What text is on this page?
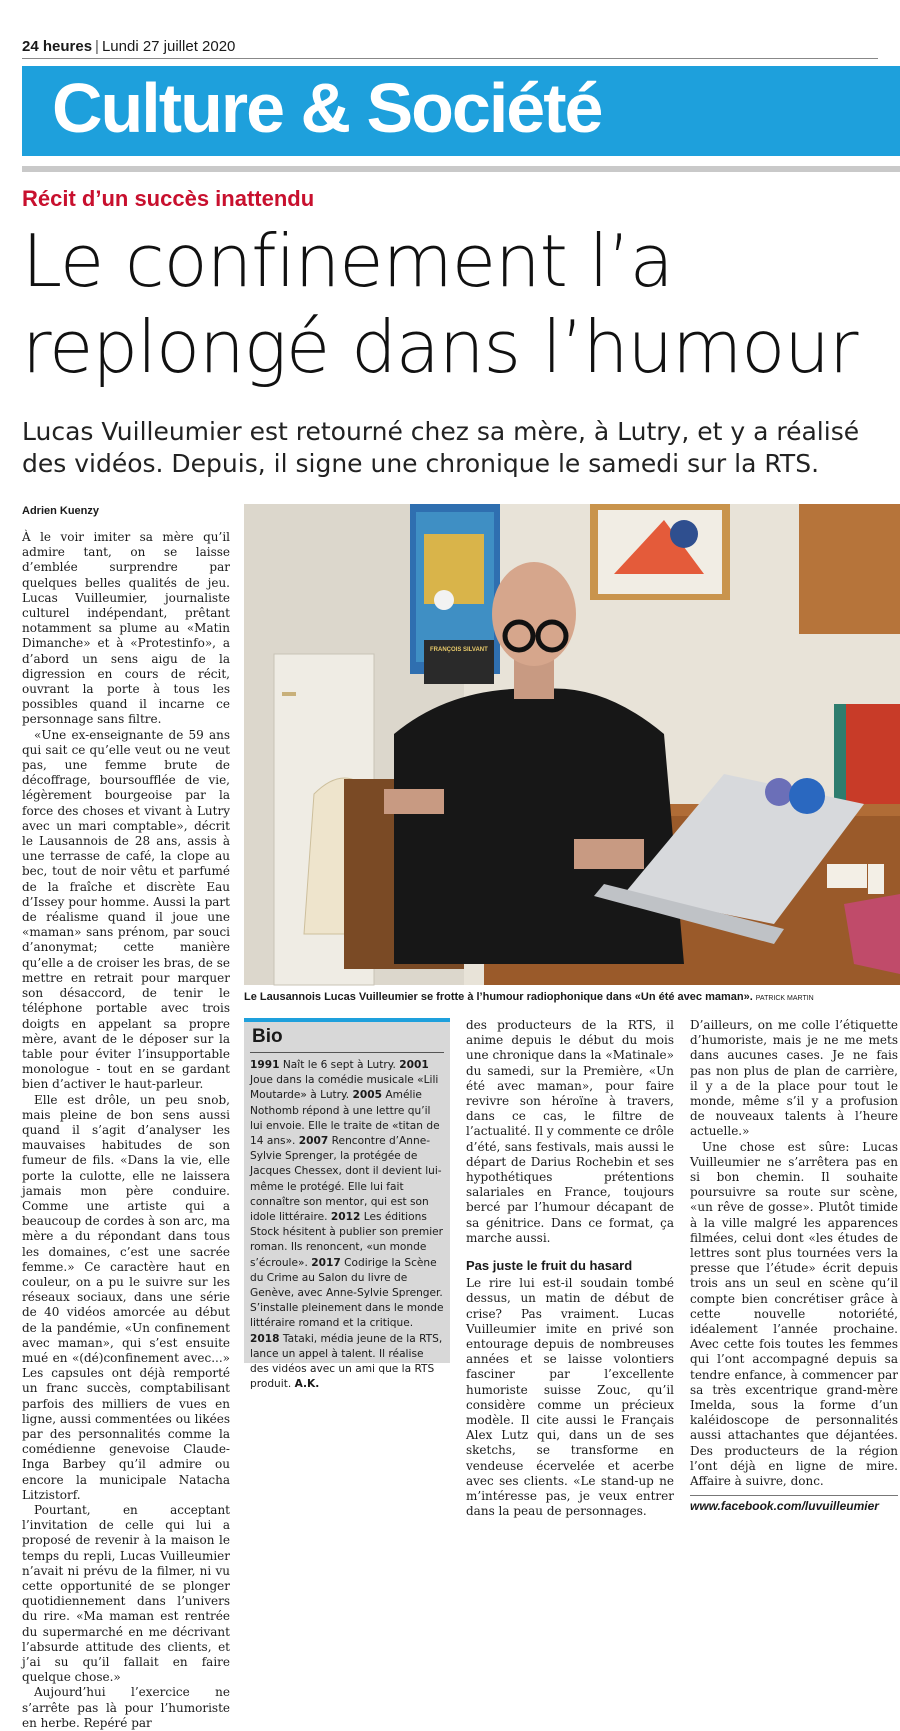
24 heures | Lundi 27 juillet 2020
Culture & Société
Récit d’un succès inattendu
Le confinement l’a
replongé dans l’humour
Lucas Vuilleumier est retourné chez sa mère, à Lutry, et y a réalisé des vidéos. Depuis, il signe une chronique le samedi sur la RTS.
Adrien Kuenzy

À le voir imiter sa mère qu’il admire tant, on se laisse d’emblée surprendre par quelques belles qualités de jeu. Lucas Vuilleumier, journaliste culturel indépendant, prêtant notamment sa plume au «Matin Dimanche» et à «Protestinfo», a d’abord un sens aigu de la digression en cours de récit, ouvrant la porte à tous les possibles quand il incarne ce personnage sans filtre.

«Une ex-enseignante de 59 ans qui sait ce qu’elle veut ou ne veut pas, une femme brute de décoffrage, boursoufflée de vie, légèrement bourgeoise par la force des choses et vivant à Lutry avec un mari comptable», décrit le Lausannois de 28 ans, assis à une terrasse de café, la clope au bec, tout de noir vêtu et parfumé de la fraîche et discrète Eau d’Issey pour homme. Aussi la part de réalisme quand il joue une «maman» sans prénom, par souci d’anonymat; cette manière qu’elle a de croiser les bras, de se mettre en retrait pour marquer son désaccord, de tenir le téléphone portable avec trois doigts en appelant sa propre mère, avant de le déposer sur la table pour éviter l’insupportable monologue - tout en se gardant bien d’activer le haut-parleur.

Elle est drôle, un peu snob, mais pleine de bon sens aussi quand il s’agit d’analyser les mauvaises habitudes de son fumeur de fils. «Dans la vie, elle porte la culotte, elle ne laissera jamais mon père conduire. Comme une artiste qui a beaucoup de cordes à son arc, ma mère a du répondant dans tous les domaines, c’est une sacrée femme.» Ce caractère haut en couleur, on a pu le suivre sur les réseaux sociaux, dans une série de 40 vidéos amorcée au début de la pandémie, «Un confinement avec maman», qui s’est ensuite mué en «(dé)confinement avec...» Les capsules ont déjà remporté un franc succès, comptabilisant parfois des milliers de vues en ligne, aussi commentées ou likées par des personnalités comme la comédienne genevoise Claude-Inga Barbey qu’il admire ou encore la municipale Natacha Litzistorf.

Pourtant, en acceptant l’invitation de celle qui lui a proposé de revenir à la maison le temps du repli, Lucas Vuilleumier n’avait ni prévu de la filmer, ni vu cette opportunité de se plonger quotidiennement dans l’univers du rire. «Ma maman est rentrée du supermarché en me décrivant l’absurde attitude des clients, et j’ai su qu’il fallait en faire quelque chose.»

Aujourd’hui l’exercice ne s’arrête pas là pour l’humoriste en herbe. Repéré par

FRANÇOIS SILVANT
Le Lausannois Lucas Vuilleumier se frotte à l’humour radiophonique dans «Un été avec maman». PATRICK MARTIN
Bio
1991 Naît le 6 sept à Lutry. 2001 Joue dans la comédie musicale «Lili Moutarde» à Lutry. 2005 Amélie Nothomb répond à une lettre qu’il lui envoie. Elle le traite de «titan de 14 ans». 2007 Rencontre d’Anne-Sylvie Sprenger, la protégée de Jacques Chessex, dont il devient lui-même le protégé. Elle lui fait connaître son mentor, qui est son idole littéraire. 2012 Les éditions Stock hésitent à publier son premier roman. Ils renoncent, «un monde s’écroule». 2017 Codirige la Scène du Crime au Salon du livre de Genève, avec Anne-Sylvie Sprenger. S’installe pleinement dans le monde littéraire romand et la critique. 2018 Tataki, média jeune de la RTS, lance un appel à talent. Il réalise des vidéos avec un ami que la RTS produit. A.K.

des producteurs de la RTS, il anime depuis le début du mois une chronique dans la «Matinale» du samedi, sur la Première, «Un été avec maman», pour faire revivre son héroïne à travers, dans ce cas, le filtre de l’actualité. Il y commente ce drôle d’été, sans festivals, mais aussi le départ de Darius Rochebin et ses hypothétiques prétentions salariales en France, toujours bercé par l’humour décapant de sa génitrice. Dans ce format, ça marche aussi.

Pas juste le fruit du hasard

Le rire lui est-il soudain tombé dessus, un matin de début de crise? Pas vraiment. Lucas Vuilleumier imite en privé son entourage depuis de nombreuses années et se laisse volontiers fasciner par l’excellente humoriste suisse Zouc, qu’il considère comme un précieux modèle. Il cite aussi le Français Alex Lutz qui, dans un de ses sketchs, se transforme en vendeuse écervelée et acerbe avec ses clients. «Le stand-up ne m’intéresse pas, je veux entrer dans la peau de personnages.

D’ailleurs, on me colle l’étiquette d’humoriste, mais je ne me mets dans aucunes cases. Je ne fais pas non plus de plan de carrière, il y a de la place pour tout le monde, même s’il y a profusion de nouveaux talents à l’heure actuelle.»

Une chose est sûre: Lucas Vuilleumier ne s’arrêtera pas en si bon chemin. Il souhaite poursuivre sa route sur scène, «un rêve de gosse». Plutôt timide à la ville malgré les apparences filmées, celui dont «les études de lettres sont plus tournées vers la presse que l’étude» écrit depuis trois ans un seul en scène qu’il compte bien concrétiser grâce à cette nouvelle notoriété, idéalement l’année prochaine. Avec cette fois toutes les femmes qui l’ont accompagné depuis sa tendre enfance, à commencer par sa très excentrique grand-mère Imelda, sous la forme d’un kaléidoscope de personnalités aussi attachantes que déjantées. Des producteurs de la région l’ont déjà en ligne de mire. Affaire à suivre, donc.

www.facebook.com/luvuilleumier
